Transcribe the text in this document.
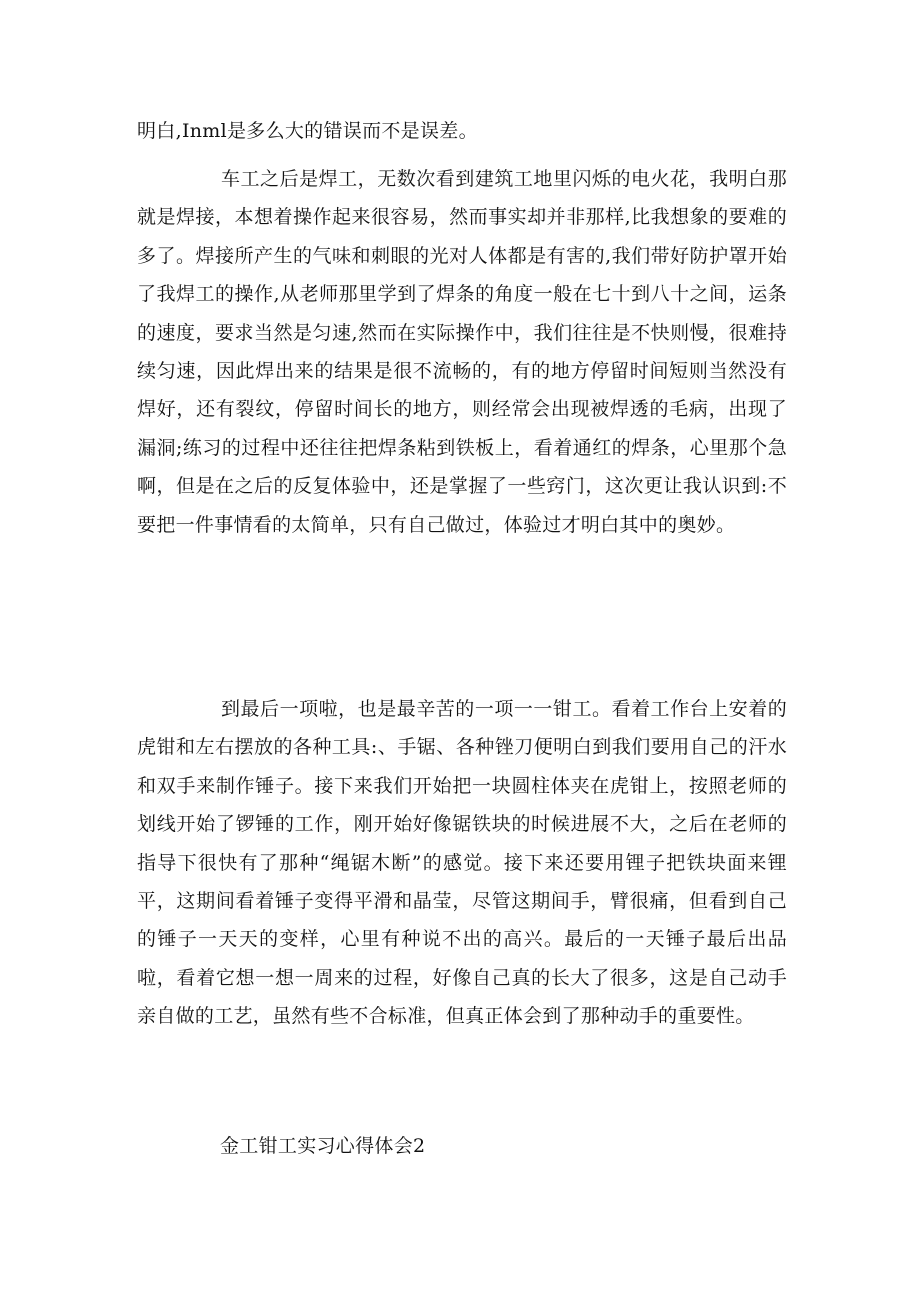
明白,Inml是多么大的错误而不是误差。

车工之后是焊工，无数次看到建筑工地里闪烁的电火花，我明白那就是焊接，本想着操作起来很容易，然而事实却并非那样,比我想象的要难的多了。焊接所产生的气味和刺眼的光对人体都是有害的,我们带好防护罩开始了我焊工的操作,从老师那里学到了焊条的角度一般在七十到八十之间，运条的速度，要求当然是匀速,然而在实际操作中，我们往往是不快则慢，很难持续匀速，因此焊出来的结果是很不流畅的，有的地方停留时间短则当然没有焊好，还有裂纹，停留时间长的地方，则经常会出现被焊透的毛病，出现了漏洞;练习的过程中还往往把焊条粘到铁板上，看着通红的焊条，心里那个急啊，但是在之后的反复体验中，还是掌握了一些窍门，这次更让我认识到:不要把一件事情看的太简单，只有自己做过，体验过才明白其中的奥妙。

到最后一项啦，也是最辛苦的一项一一钳工。看着工作台上安着的虎钳和左右摆放的各种工具:、手锯、各种锉刀便明白到我们要用自己的汗水和双手来制作锤子。接下来我们开始把一块圆柱体夹在虎钳上，按照老师的划线开始了锣锤的工作，刚开始好像锯铁块的时候进展不大，之后在老师的指导下很快有了那种“绳锯木断”的感觉。接下来还要用锂子把铁块面来锂平，这期间看着锤子变得平滑和晶莹，尽管这期间手，臂很痛，但看到自己的锤子一天天的变样，心里有种说不出的高兴。最后的一天锤子最后出品啦，看着它想一想一周来的过程，好像自己真的长大了很多，这是自己动手亲自做的工艺，虽然有些不合标准，但真正体会到了那种动手的重要性。

金工钳工实习心得体会2
